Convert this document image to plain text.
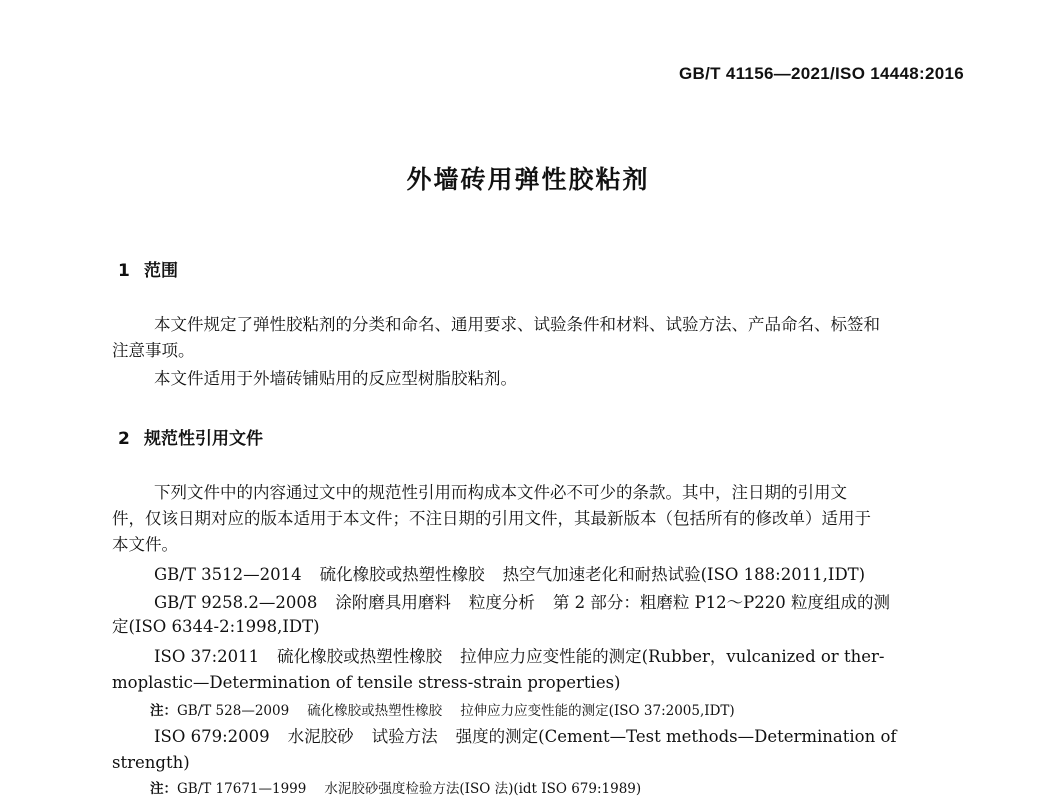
GB/T 41156—2021/ISO 14448:2016
外墙砖用弹性胶粘剂
1 范围
本文件规定了弹性胶粘剂的分类和命名、通用要求、试验条件和材料、试验方法、产品命名、标签和
注意事项。
本文件适用于外墙砖铺贴用的反应型树脂胶粘剂。
2 规范性引用文件
下列文件中的内容通过文中的规范性引用而构成本文件必不可少的条款。其中，注日期的引用文
件，仅该日期对应的版本适用于本文件；不注日期的引用文件，其最新版本（包括所有的修改单）适用于
本文件。
GB/T 3512—2014 硫化橡胶或热塑性橡胶 热空气加速老化和耐热试验(ISO 188:2011,IDT)
GB/T 9258.2—2008 涂附磨具用磨料 粒度分析 第 2 部分：粗磨粒 P12～P220 粒度组成的测
定(ISO 6344-2:1998,IDT)
ISO 37:2011 硫化橡胶或热塑性橡胶 拉伸应力应变性能的测定(Rubber，vulcanized or ther-
moplastic—Determination of tensile stress-strain properties)
注：GB/T 528—2009 硫化橡胶或热塑性橡胶 拉伸应力应变性能的测定(ISO 37:2005,IDT)
ISO 679:2009 水泥胶砂 试验方法 强度的测定(Cement—Test methods—Determination of
strength)
注：GB/T 17671—1999 水泥胶砂强度检验方法(ISO 法)(idt ISO 679:1989)
